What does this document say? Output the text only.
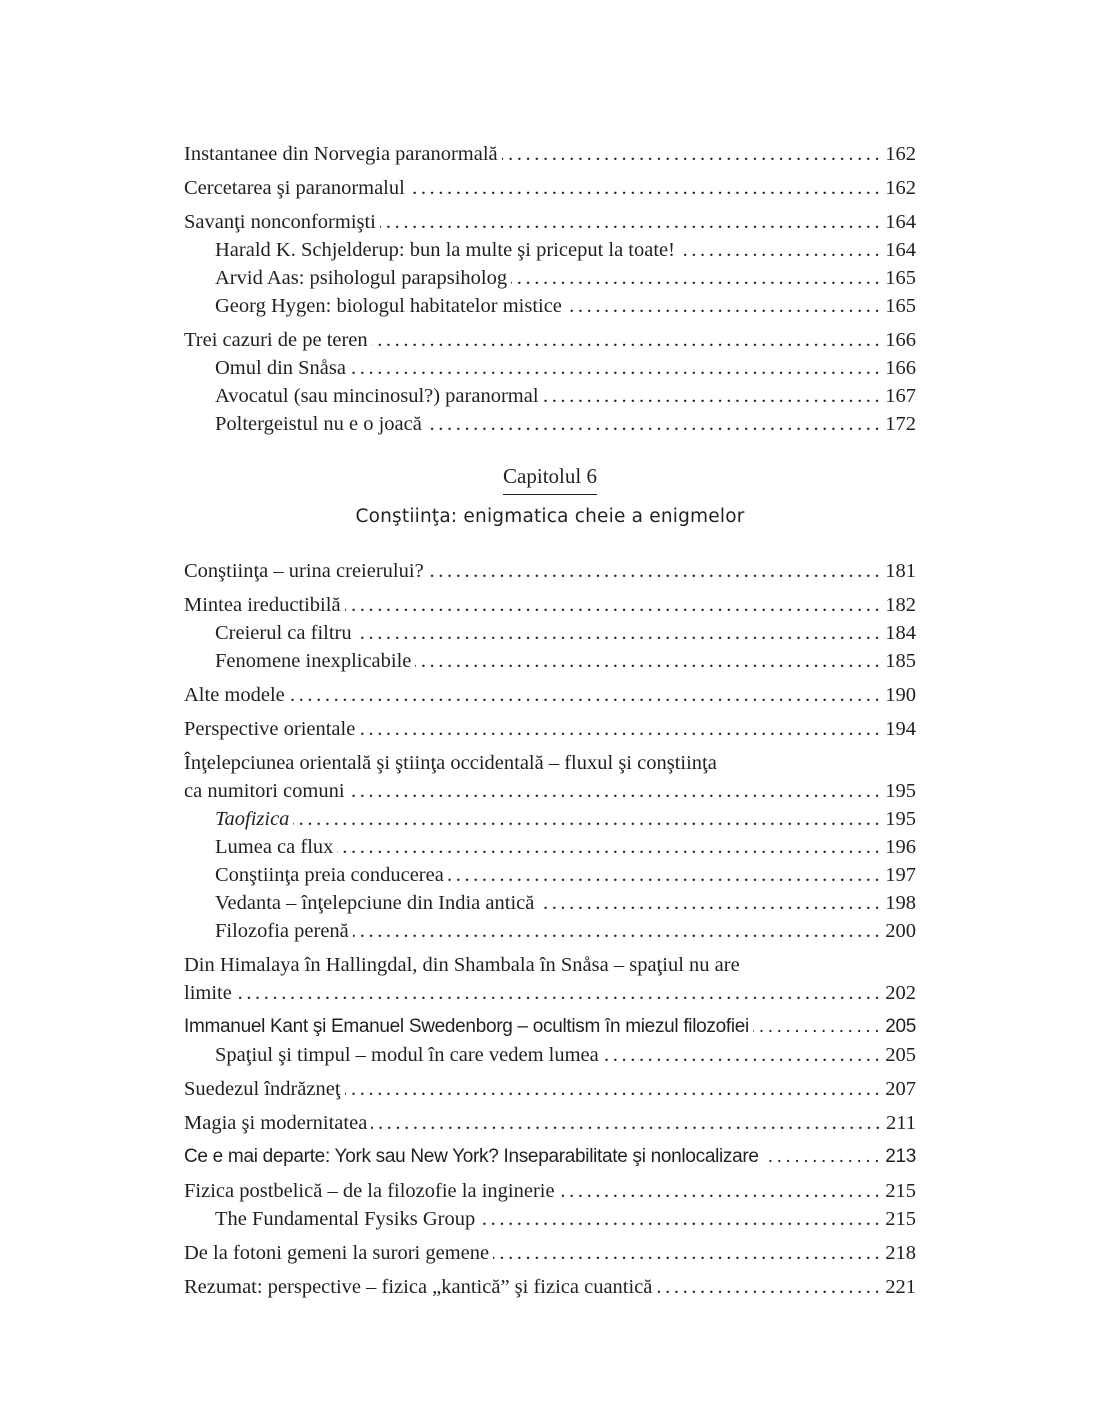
Instantanee din Norvegia paranormală .....	162
Cercetarea şi paranormalul .....	162
Savanţi nonconformişti .....	164
Harald K. Schjelderup: bun la multe şi priceput la toate! .....	164
Arvid Aas: psihologul parapsiholog .....	165
Georg Hygen: biologul habitatelor mistice .....	165
Trei cazuri de pe teren .....	166
Omul din Snåsa .....	166
Avocatul (sau mincinosul?) paranormal .....	167
Poltergeistul nu e o joacă .....	172
Capitolul 6
Conştiinţa: enigmatica cheie a enigmelor
Conştiinţa – urina creierului? .....	181
Mintea ireductibilă .....	182
Creierul ca filtru .....	184
Fenomene inexplicabile .....	185
Alte modele .....	190
Perspective orientale .....	194
Înţelepciunea orientală şi ştiinţa occidentală – fluxul şi conştiinţa
ca numitori comuni .....	195
Taofizica .....	195
Lumea ca flux .....	196
Conştiinţa preia conducerea .....	197
Vedanta – înţelepciune din India antică .....	198
Filozofia perenă .....	200
Din Himalaya în Hallingdal, din Shambala în Snåsa – spaţiul nu are
limite .....	202
Immanuel Kant şi Emanuel Swedenborg – ocultism în miezul filozofiei .....	205
Spaţiul şi timpul – modul în care vedem lumea .....	205
Suedezul îndrăzneţ .....	207
Magia şi modernitatea .....	211
Ce e mai departe: York sau New York? Inseparabilitate şi nonlocalizare .....	213
Fizica postbelică – de la filozofie la inginerie .....	215
The Fundamental Fysiks Group .....	215
De la fotoni gemeni la surori gemene .....	218
Rezumat: perspective – fizica „kantică” şi fizica cuantică .....	221
